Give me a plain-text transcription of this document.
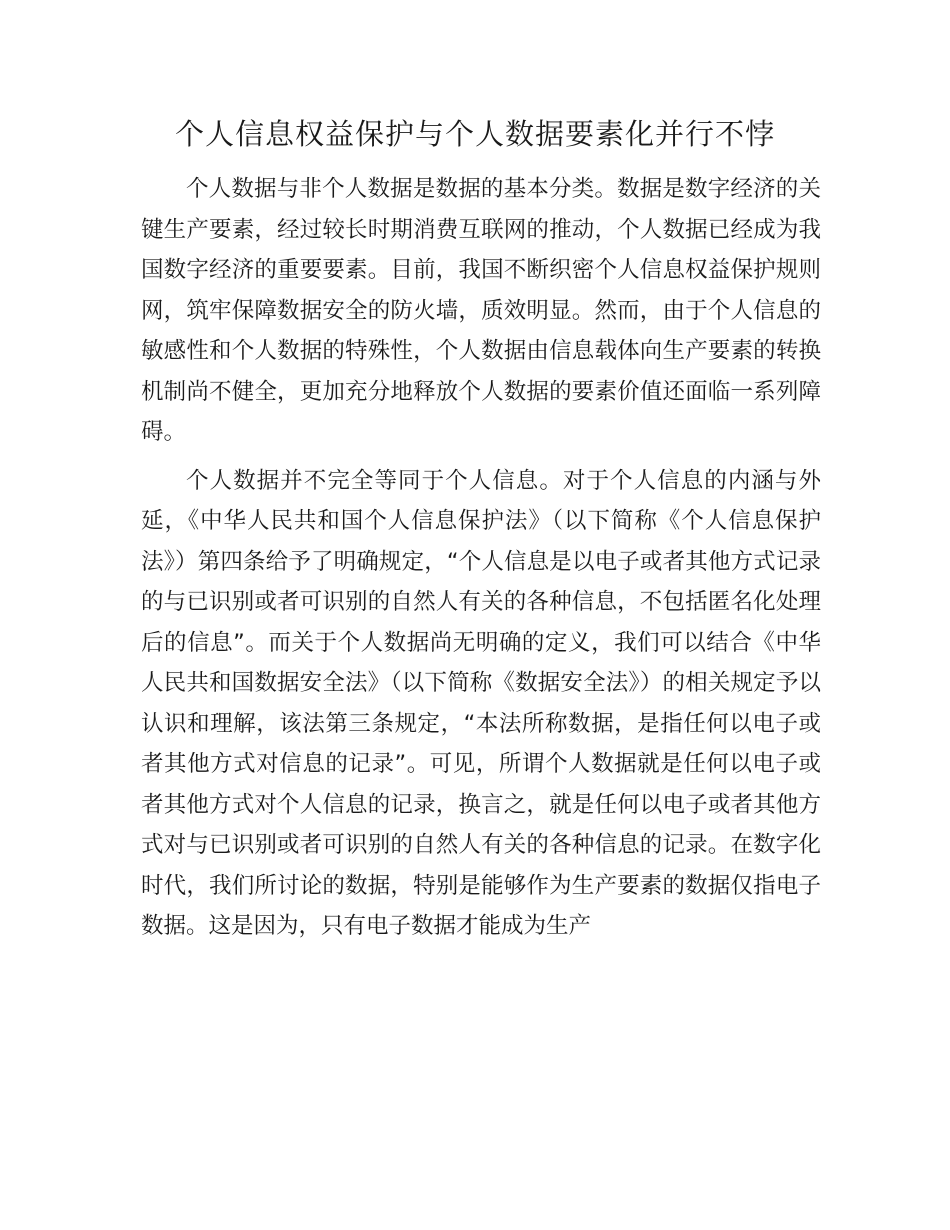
个人信息权益保护与个人数据要素化并行不悖

个人数据与非个人数据是数据的基本分类。数据是数字经济的关键生产要素，经过较长时期消费互联网的推动，个人数据已经成为我国数字经济的重要要素。目前，我国不断织密个人信息权益保护规则网，筑牢保障数据安全的防火墙，质效明显。然而，由于个人信息的敏感性和个人数据的特殊性，个人数据由信息载体向生产要素的转换机制尚不健全，更加充分地释放个人数据的要素价值还面临一系列障碍。

个人数据并不完全等同于个人信息。对于个人信息的内涵与外延，《中华人民共和国个人信息保护法》（以下简称《个人信息保护法》）第四条给予了明确规定，“个人信息是以电子或者其他方式记录的与已识别或者可识别的自然人有关的各种信息，不包括匿名化处理后的信息”。而关于个人数据尚无明确的定义，我们可以结合《中华人民共和国数据安全法》（以下简称《数据安全法》）的相关规定予以认识和理解，该法第三条规定，“本法所称数据，是指任何以电子或者其他方式对信息的记录”。可见，所谓个人数据就是任何以电子或者其他方式对个人信息的记录，换言之，就是任何以电子或者其他方式对与已识别或者可识别的自然人有关的各种信息的记录。在数字化时代，我们所讨论的数据，特别是能够作为生产要素的数据仅指电子数据。这是因为，只有电子数据才能成为生产
